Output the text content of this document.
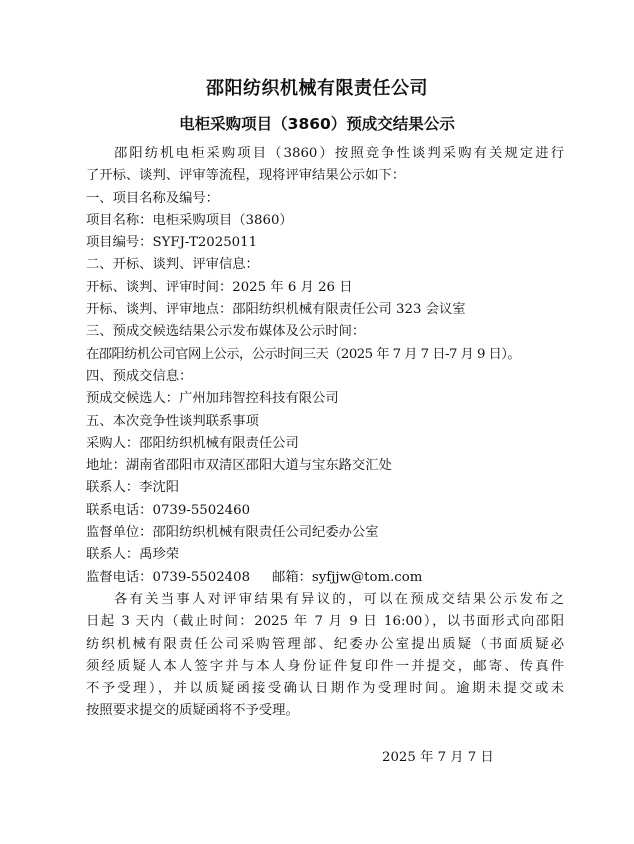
邵阳纺织机械有限责任公司
电柜采购项目（3860）预成交结果公示
邵阳纺机电柜采购项目（3860）按照竞争性谈判采购有关规定进行
了开标、谈判、评审等流程，现将评审结果公示如下：
一、项目名称及编号：
项目名称：电柜采购项目（3860）
项目编号：SYFJ-T2025011
二、开标、谈判、评审信息：
开标、谈判、评审时间：2025 年 6 月 26 日
开标、谈判、评审地点：邵阳纺织机械有限责任公司 323 会议室
三、预成交候选结果公示发布媒体及公示时间：
在邵阳纺机公司官网上公示，公示时间三天（2025 年 7 月 7 日-7 月 9 日）。
四、预成交信息：
预成交候选人：广州加玮智控科技有限公司
五、本次竞争性谈判联系事项
采购人：邵阳纺织机械有限责任公司
地址：湖南省邵阳市双清区邵阳大道与宝东路交汇处
联系人：李沈阳
联系电话：0739-5502460
监督单位：邵阳纺织机械有限责任公司纪委办公室
联系人：禹珍荣
监督电话：0739-5502408 邮箱：syfjjw@tom.com
各有关当事人对评审结果有异议的，可以在预成交结果公示发布之
日起 3 天内（截止时间：2025 年 7 月 9 日 16:00），以书面形式向邵阳
纺织机械有限责任公司采购管理部、纪委办公室提出质疑（书面质疑必
须经质疑人本人签字并与本人身份证件复印件一并提交，邮寄、传真件
不予受理），并以质疑函接受确认日期作为受理时间。逾期未提交或未
按照要求提交的质疑函将不予受理。
2025 年 7 月 7 日
